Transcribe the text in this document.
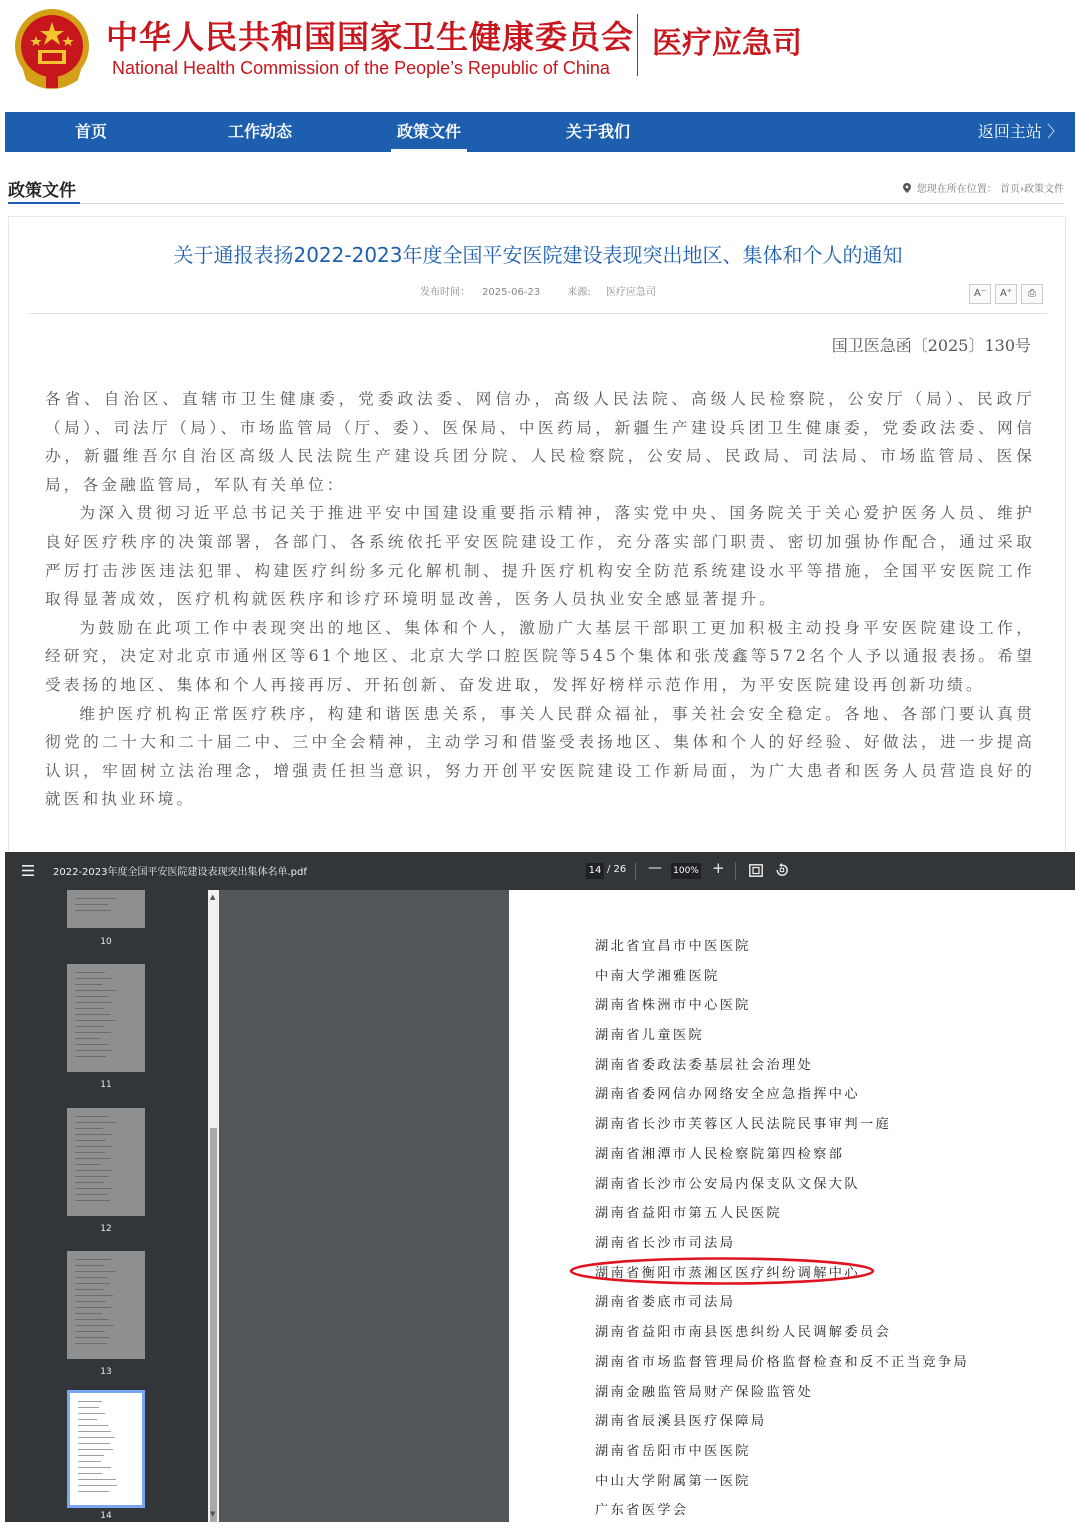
中华人民共和国国家卫生健康委员会
National Health Commission of the People’s Republic of China
医疗应急司
首页	工作动态	政策文件	关于我们	返回主站 〉
政策文件	您现在所在位置： 首页›政策文件
关于通报表扬2022-2023年度全国平安医院建设表现突出地区、集体和个人的通知
发布时间： 2025-06-23	来源: 医疗应急司	A⁻ A⁺ ⎙
国卫医急函〔2025〕130号

各省、自治区、直辖市卫生健康委，党委政法委、网信办，高级人民法院、高级人民检察院，公安厅（局）、民政厅（局）、司法厅（局）、市场监管局（厅、委）、医保局、中医药局，新疆生产建设兵团卫生健康委，党委政法委、网信办，新疆维吾尔自治区高级人民法院生产建设兵团分院、人民检察院，公安局、民政局、司法局、市场监管局、医保局，各金融监管局，军队有关单位：

为深入贯彻习近平总书记关于推进平安中国建设重要指示精神，落实党中央、国务院关于关心爱护医务人员、维护良好医疗秩序的决策部署，各部门、各系统依托平安医院建设工作，充分落实部门职责、密切加强协作配合，通过采取严厉打击涉医违法犯罪、构建医疗纠纷多元化解机制、提升医疗机构安全防范系统建设水平等措施，全国平安医院工作取得显著成效，医疗机构就医秩序和诊疗环境明显改善，医务人员执业安全感显著提升。

为鼓励在此项工作中表现突出的地区、集体和个人，激励广大基层干部职工更加积极主动投身平安医院建设工作，经研究，决定对北京市通州区等61个地区、北京大学口腔医院等545个集体和张茂鑫等572名个人予以通报表扬。希望受表扬的地区、集体和个人再接再厉、开拓创新、奋发进取，发挥好榜样示范作用，为平安医院建设再创新功绩。

维护医疗机构正常医疗秩序，构建和谐医患关系，事关人民群众福祉，事关社会安全稳定。各地、各部门要认真贯彻党的二十大和二十届二中、三中全会精神，主动学习和借鉴受表扬地区、集体和个人的好经验、好做法，进一步提高认识，牢固树立法治理念，增强责任担当意识，努力开创平安医院建设工作新局面，为广大患者和医务人员营造良好的就医和执业环境。

2022-2023年度全国平安医院建设表现突出集体名单.pdf	14 / 26 — 100% +
10
11
12
13
14
▲
▼
湖北省宜昌市中医医院
中南大学湘雅医院
湖南省株洲市中心医院
湖南省儿童医院
湖南省委政法委基层社会治理处
湖南省委网信办网络安全应急指挥中心
湖南省长沙市芙蓉区人民法院民事审判一庭
湖南省湘潭市人民检察院第四检察部
湖南省长沙市公安局内保支队文保大队
湖南省益阳市第五人民医院
湖南省长沙市司法局
湖南省衡阳市蒸湘区医疗纠纷调解中心
湖南省娄底市司法局
湖南省益阳市南县医患纠纷人民调解委员会
湖南省市场监督管理局价格监督检查和反不正当竞争局
湖南金融监管局财产保险监管处
湖南省辰溪县医疗保障局
湖南省岳阳市中医医院
中山大学附属第一医院
广东省医学会
